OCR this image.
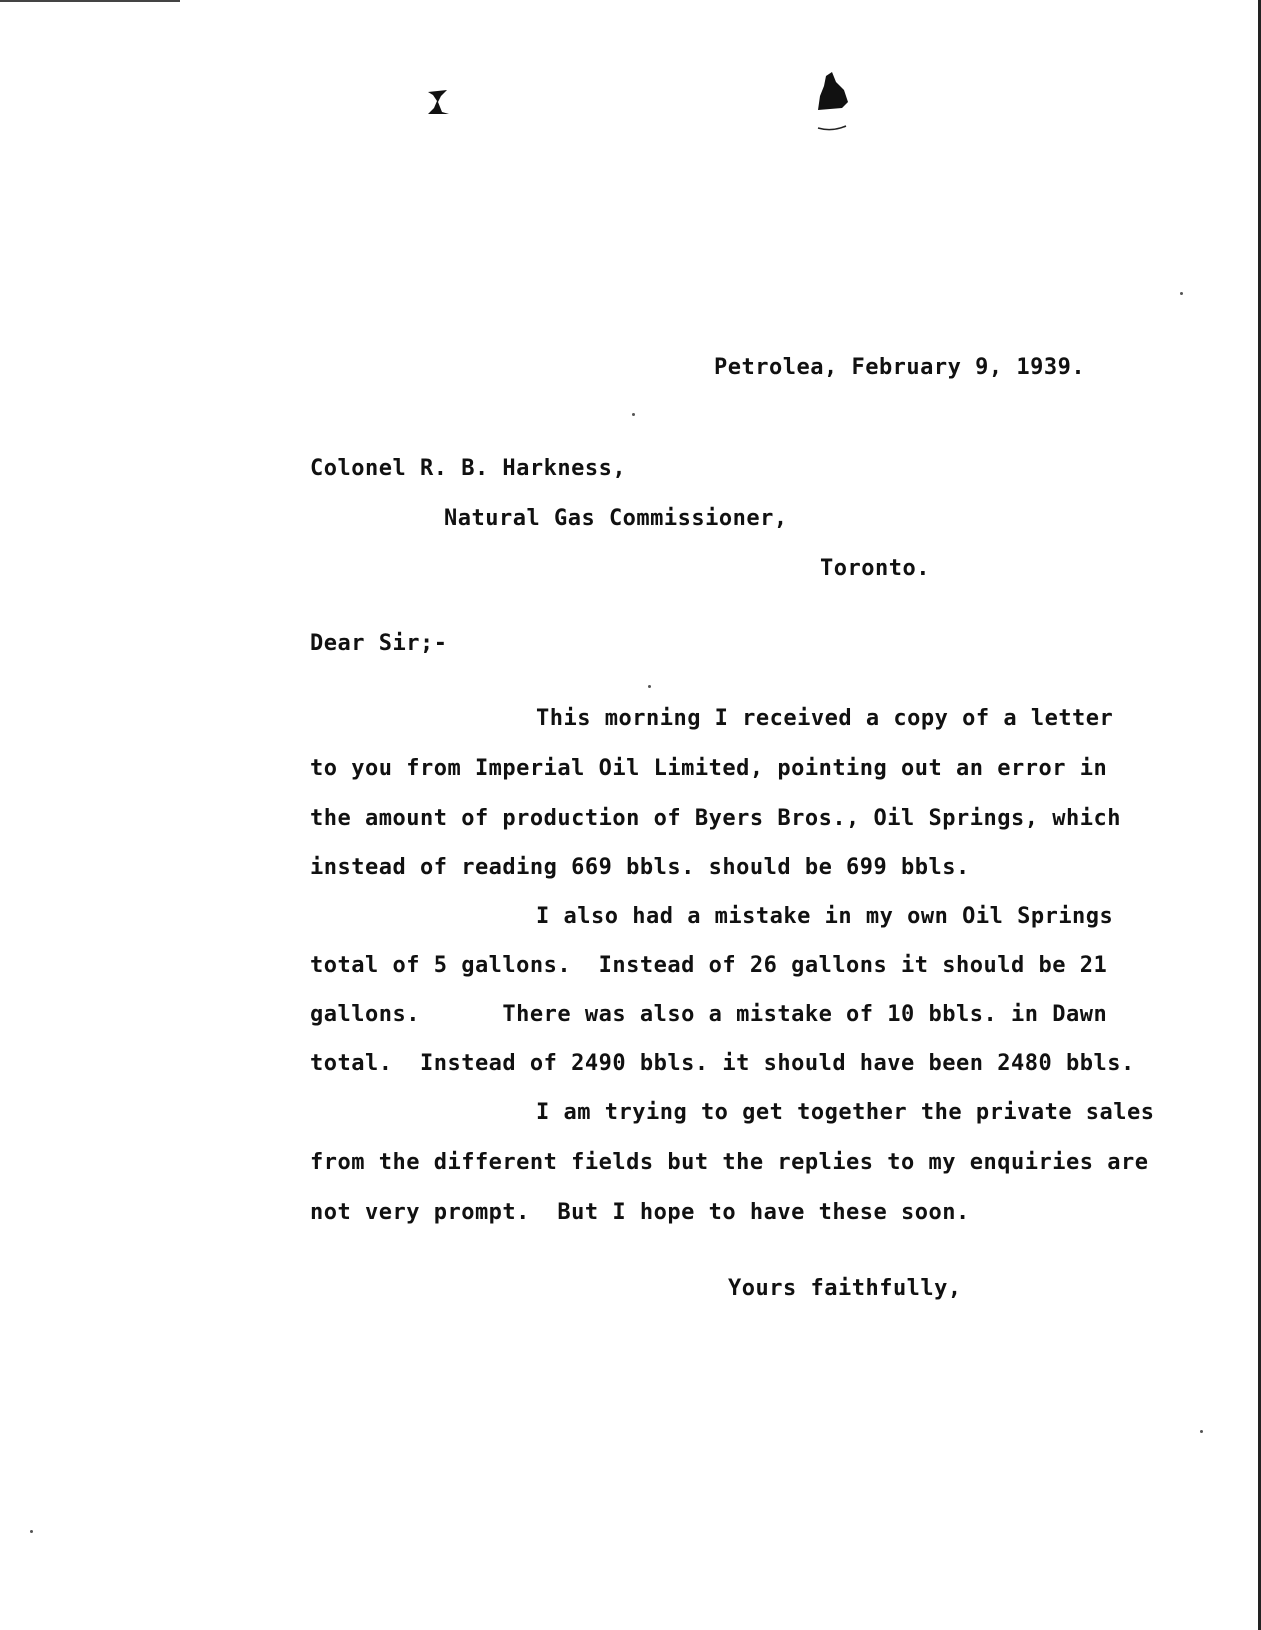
Petrolea, February 9, 1939.
Colonel R. B. Harkness,
Natural Gas Commissioner,
Toronto.
Dear Sir;-
This morning I received a copy of a letter
to you from Imperial Oil Limited, pointing out an error in
the amount of production of Byers Bros., Oil Springs, which
instead of reading 669 bbls. should be 699 bbls.
I also had a mistake in my own Oil Springs
total of 5 gallons.  Instead of 26 gallons it should be 21
gallons.      There was also a mistake of 10 bbls. in Dawn
total.  Instead of 2490 bbls. it should have been 2480 bbls.
I am trying to get together the private sales
from the different fields but the replies to my enquiries are
not very prompt.  But I hope to have these soon.
Yours faithfully,
